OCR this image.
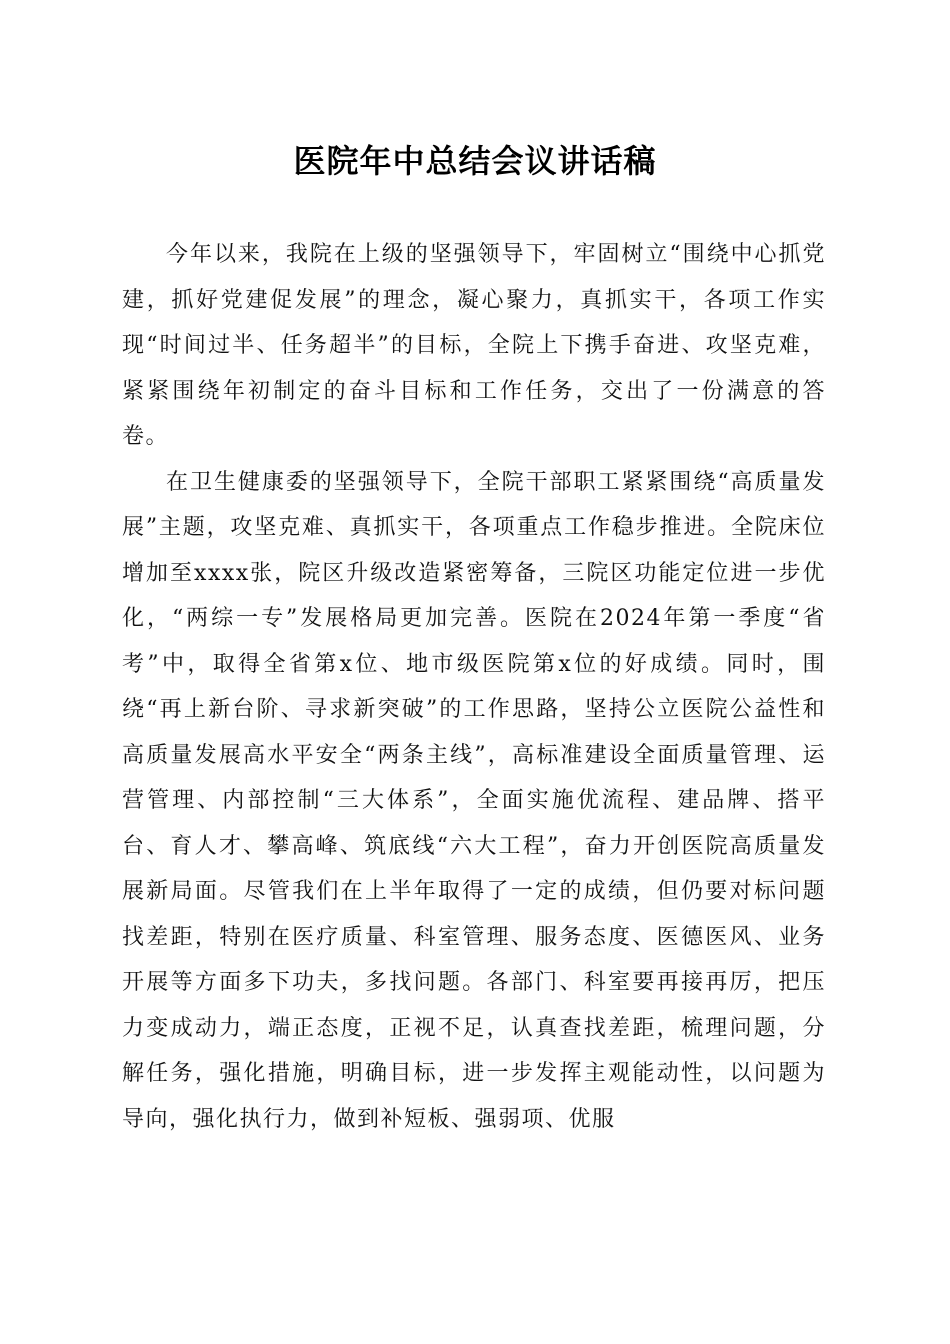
医院年中总结会议讲话稿

今年以来，我院在上级的坚强领导下，牢固树立“围绕中心抓党建，抓好党建促发展”的理念，凝心聚力，真抓实干，各项工作实现“时间过半、任务超半”的目标，全院上下携手奋进、攻坚克难，紧紧围绕年初制定的奋斗目标和工作任务，交出了一份满意的答卷。

在卫生健康委的坚强领导下，全院干部职工紧紧围绕“高质量发展”主题，攻坚克难、真抓实干，各项重点工作稳步推进。全院床位增加至xxxx张，院区升级改造紧密筹备，三院区功能定位进一步优化，“两综一专”发展格局更加完善。医院在2024年第一季度“省考”中，取得全省第x位、地市级医院第x位的好成绩。同时，围绕“再上新台阶、寻求新突破”的工作思路，坚持公立医院公益性和高质量发展高水平安全“两条主线”，高标准建设全面质量管理、运营管理、内部控制“三大体系”，全面实施优流程、建品牌、搭平台、育人才、攀高峰、筑底线“六大工程”，奋力开创医院高质量发展新局面。尽管我们在上半年取得了一定的成绩，但仍要对标问题找差距，特别在医疗质量、科室管理、服务态度、医德医风、业务开展等方面多下功夫，多找问题。各部门、科室要再接再厉，把压力变成动力，端正态度，正视不足，认真查找差距，梳理问题，分解任务，强化措施，明确目标，进一步发挥主观能动性，以问题为导向，强化执行力，做到补短板、强弱项、优服
